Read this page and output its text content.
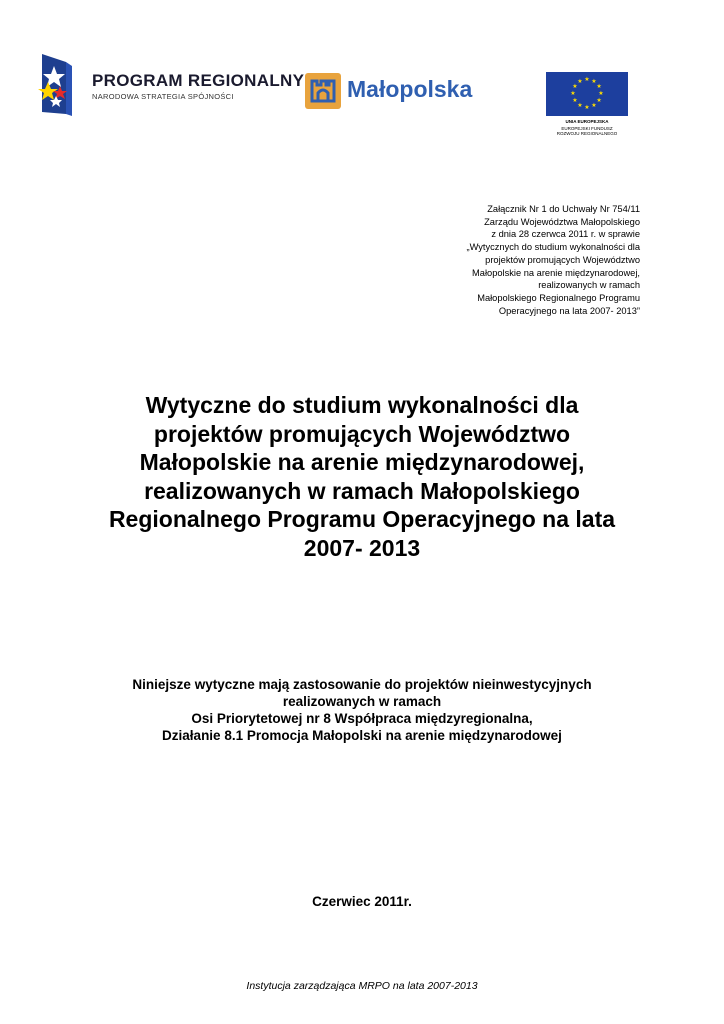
PROGRAM REGIONALNY
NARODOWA STRATEGIA SPÓJNOŚCI	Małopolska	★ ★
★
★
★
★
★
★
★
★
★
★
UNIA EUROPEJSKA
EUROPEJSKI FUNDUSZ
ROZWOJU REGIONALNEGO
Załącznik Nr 1 do Uchwały Nr 754/11
Zarządu Województwa Małopolskiego
z dnia 28 czerwca 2011 r. w sprawie
„Wytycznych do studium wykonalności dla
projektów promujących Województwo
Małopolskie na arenie międzynarodowej,
realizowanych w ramach
Małopolskiego Regionalnego Programu
Operacyjnego na lata 2007- 2013”
Wytyczne do studium wykonalności dla
projektów promujących Województwo
Małopolskie na arenie międzynarodowej,
realizowanych w ramach Małopolskiego
Regionalnego Programu Operacyjnego na lata
2007- 2013
Niniejsze wytyczne mają zastosowanie do projektów nieinwestycyjnych
realizowanych w ramach
Osi Priorytetowej nr 8 Współpraca międzyregionalna,
Działanie 8.1 Promocja Małopolski na arenie międzynarodowej
Czerwiec 2011r.
Instytucja zarządzająca MRPO na lata 2007-2013
